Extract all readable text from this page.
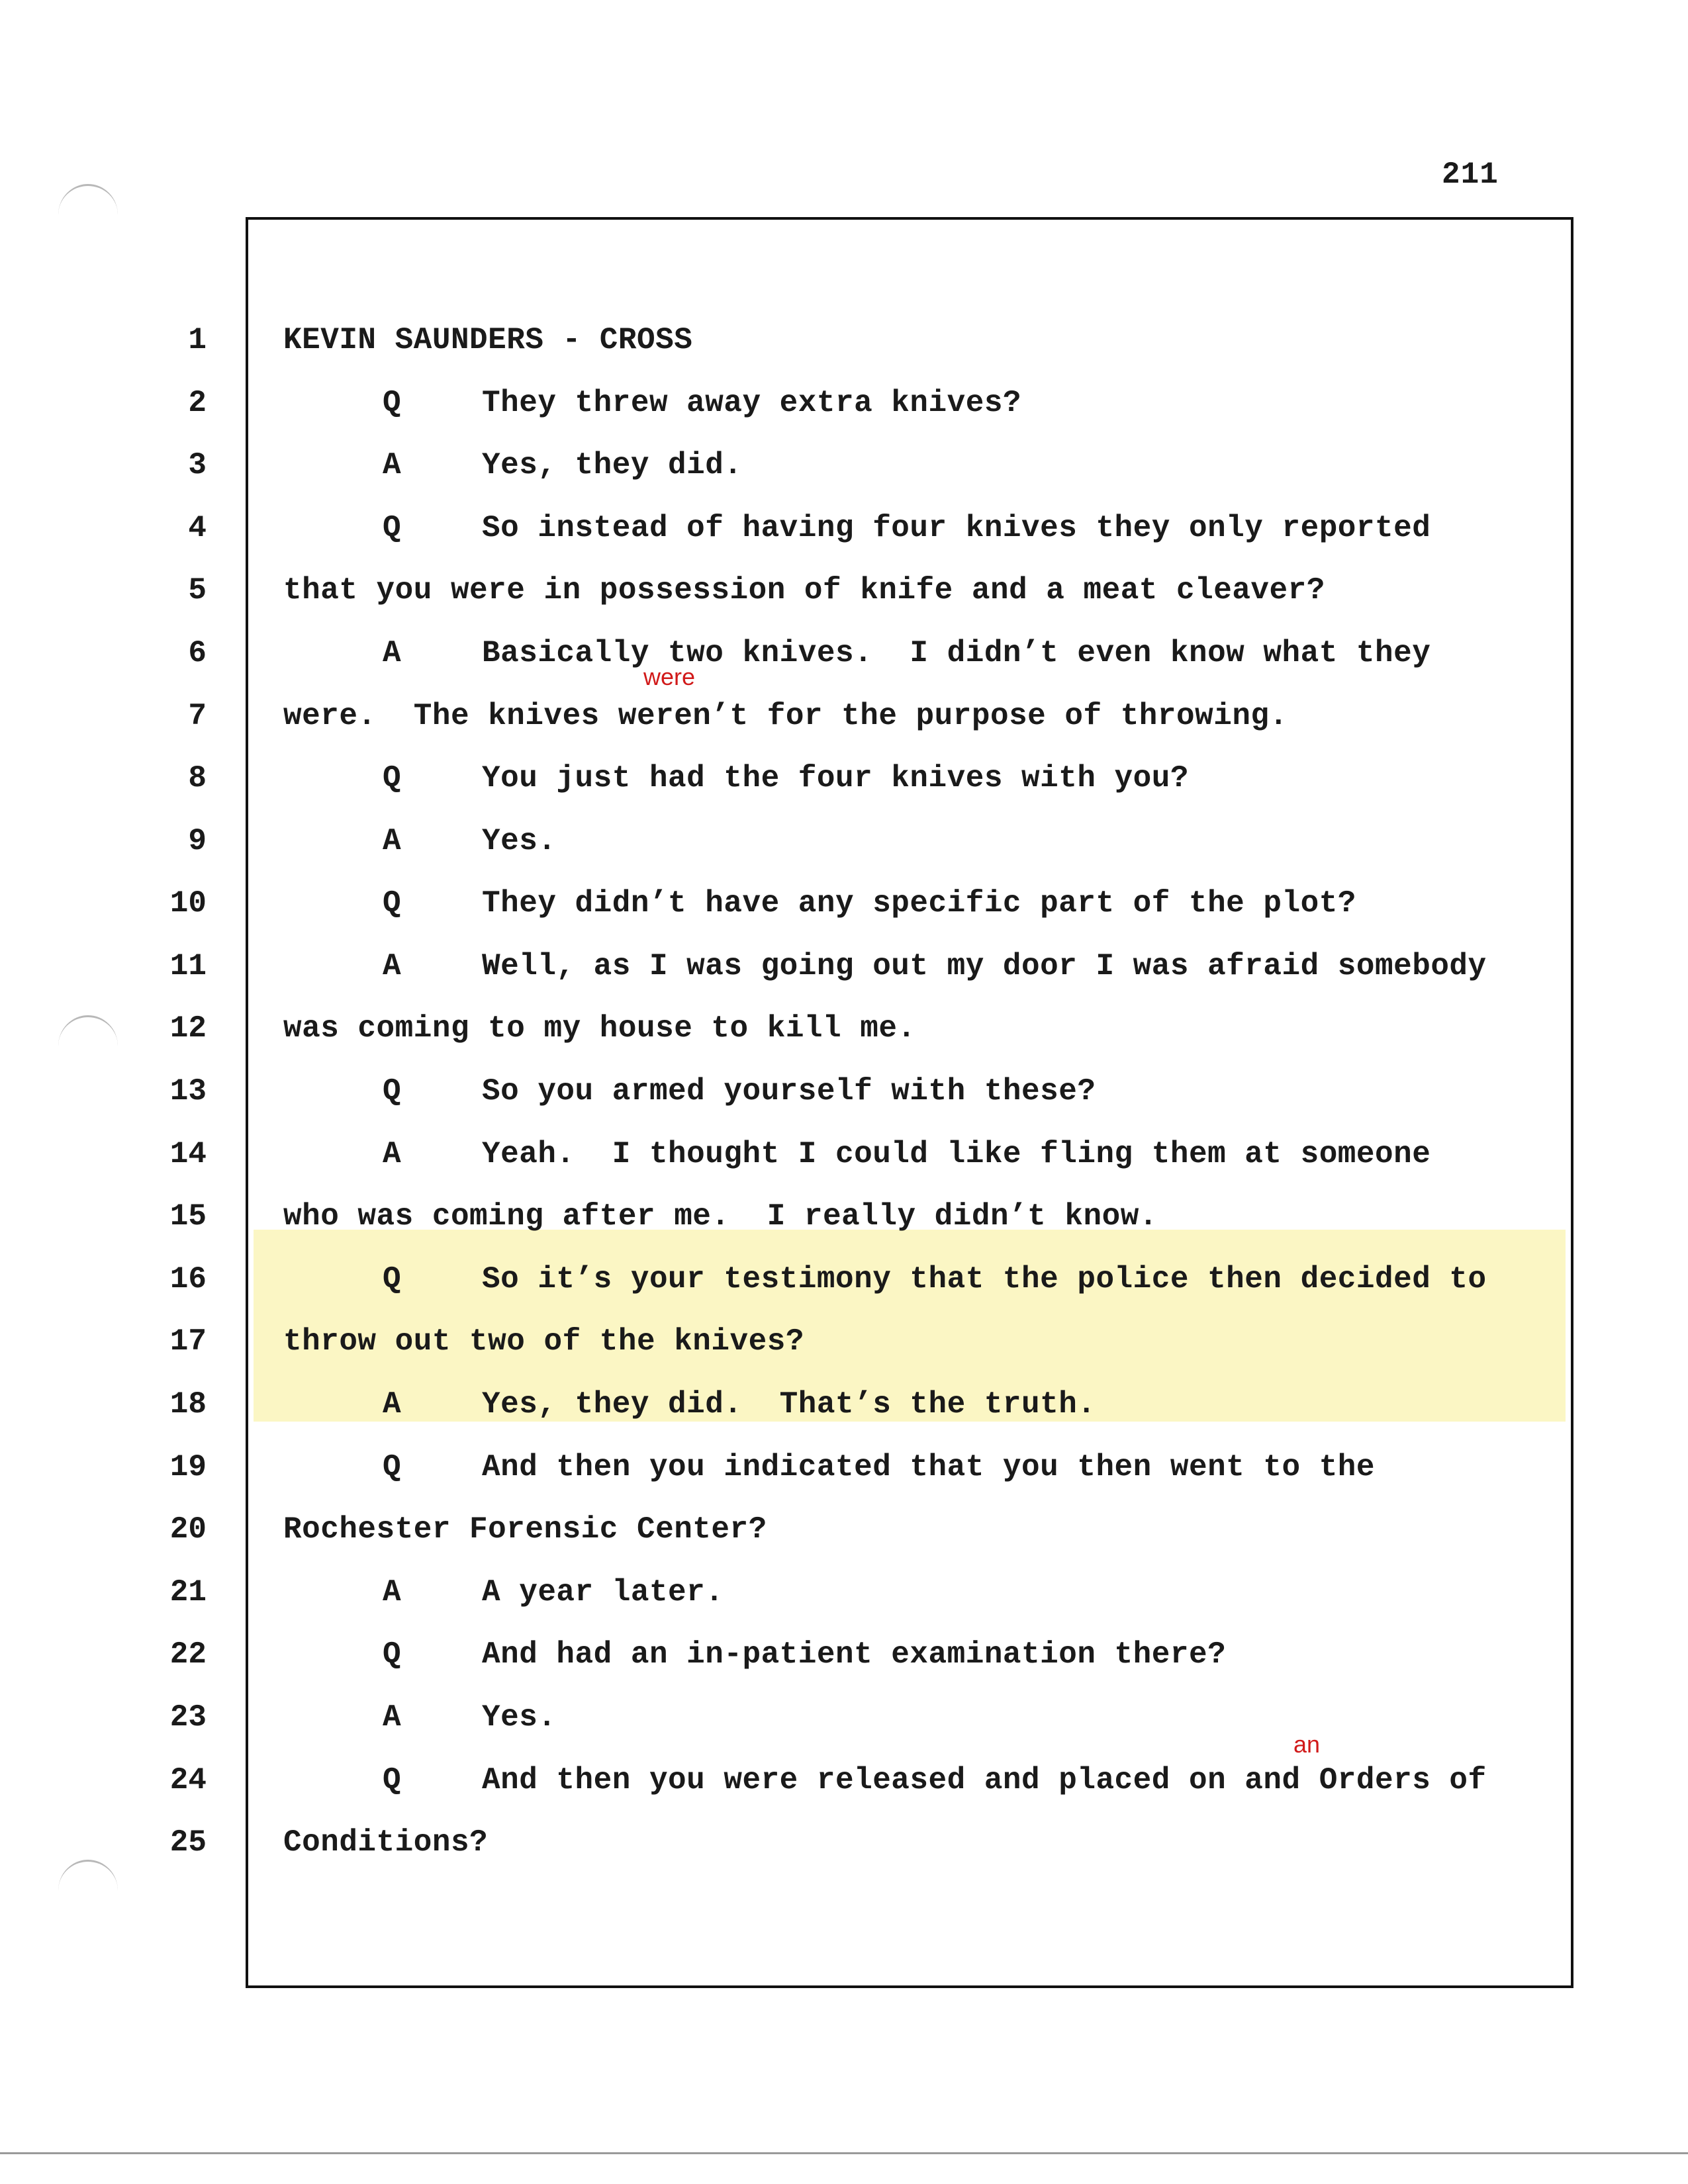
211
1	KEVIN SAUNDERS - CROSS
2	Q	They threw away extra knives?
3	A	Yes, they did.
4	Q	So instead of having four knives they only reported
5	that you were in possession of knife and a meat cleaver?
6	A	Basically two knives.  I didn’t even know what they
7	were.  The knives weren’t for the purpose of throwing.
8	Q	You just had the four knives with you?
9	A	Yes.
10	Q	They didn’t have any specific part of the plot?
11	A	Well, as I was going out my door I was afraid somebody
12	was coming to my house to kill me.
13	Q	So you armed yourself with these?
14	A	Yeah.  I thought I could like fling them at someone
15	who was coming after me.  I really didn’t know.
16	Q	So it’s your testimony that the police then decided to
17	throw out two of the knives?
18	A	Yes, they did.  That’s the truth.
19	Q	And then you indicated that you then went to the
20	Rochester Forensic Center?
21	A	A year later.
22	Q	And had an in-patient examination there?
23	A	Yes.
24	Q	And then you were released and placed on and Orders of
25	Conditions?
were
an
